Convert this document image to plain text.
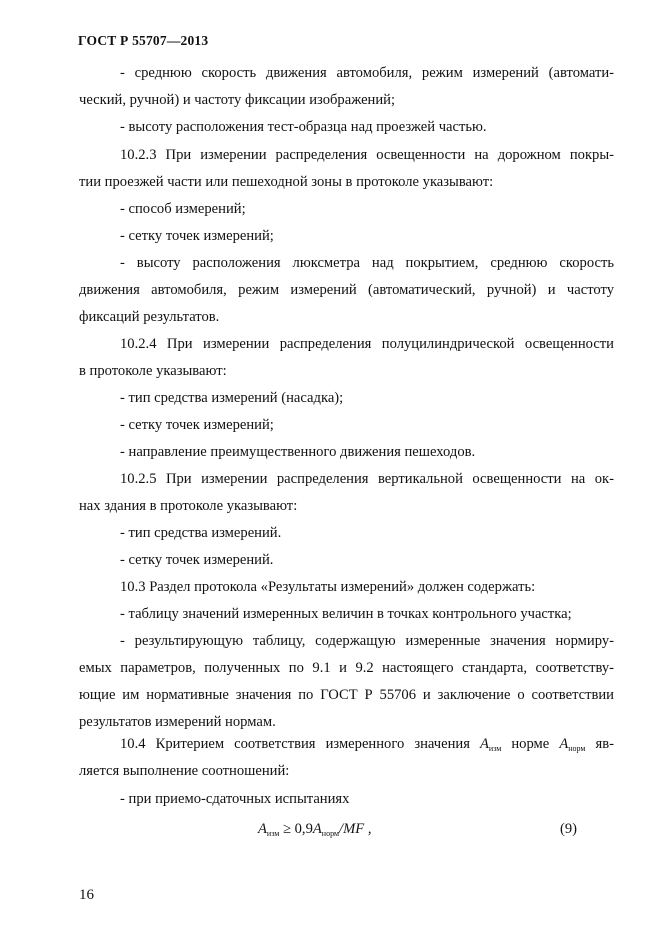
ГОСТ Р 55707—2013
- среднюю скорость движения автомобиля, режим измерений (автомати-
ческий, ручной) и частоту фиксации изображений;
- высоту расположения тест-образца над проезжей частью.
10.2.3 При измерении распределения освещенности на дорожном покры-
тии проезжей части или пешеходной зоны в протоколе указывают:
- способ измерений;
- сетку точек измерений;
- высоту расположения люксметра над покрытием, среднюю скорость
движения автомобиля, режим измерений (автоматический, ручной) и частоту
фиксаций результатов.
10.2.4 При измерении распределения полуцилиндрической освещенности
в протоколе указывают:
- тип средства измерений (насадка);
- сетку точек измерений;
- направление преимущественного движения пешеходов.
10.2.5 При измерении распределения вертикальной освещенности на ок-
нах здания в протоколе указывают:
- тип средства измерений.
- сетку точек измерений.
10.3 Раздел протокола «Результаты измерений» должен содержать:
- таблицу значений измеренных величин в точках контрольного участка;
- результирующую таблицу, содержащую измеренные значения нормиру-
емых параметров, полученных по 9.1 и 9.2 настоящего стандарта, соответству-
ющие им нормативные значения по ГОСТ Р 55706 и заключение о соответствии
результатов измерений нормам.
- при приемо-сдаточных испытаниях
10.4 Критерием соответствия измеренного значения $A_{изм}$ норме $A_{норм}$ яв-
ляется выполнение соотношений:
$A_{изм} \ge 0,9A_{норм}/MF$ ,	(9)
16
